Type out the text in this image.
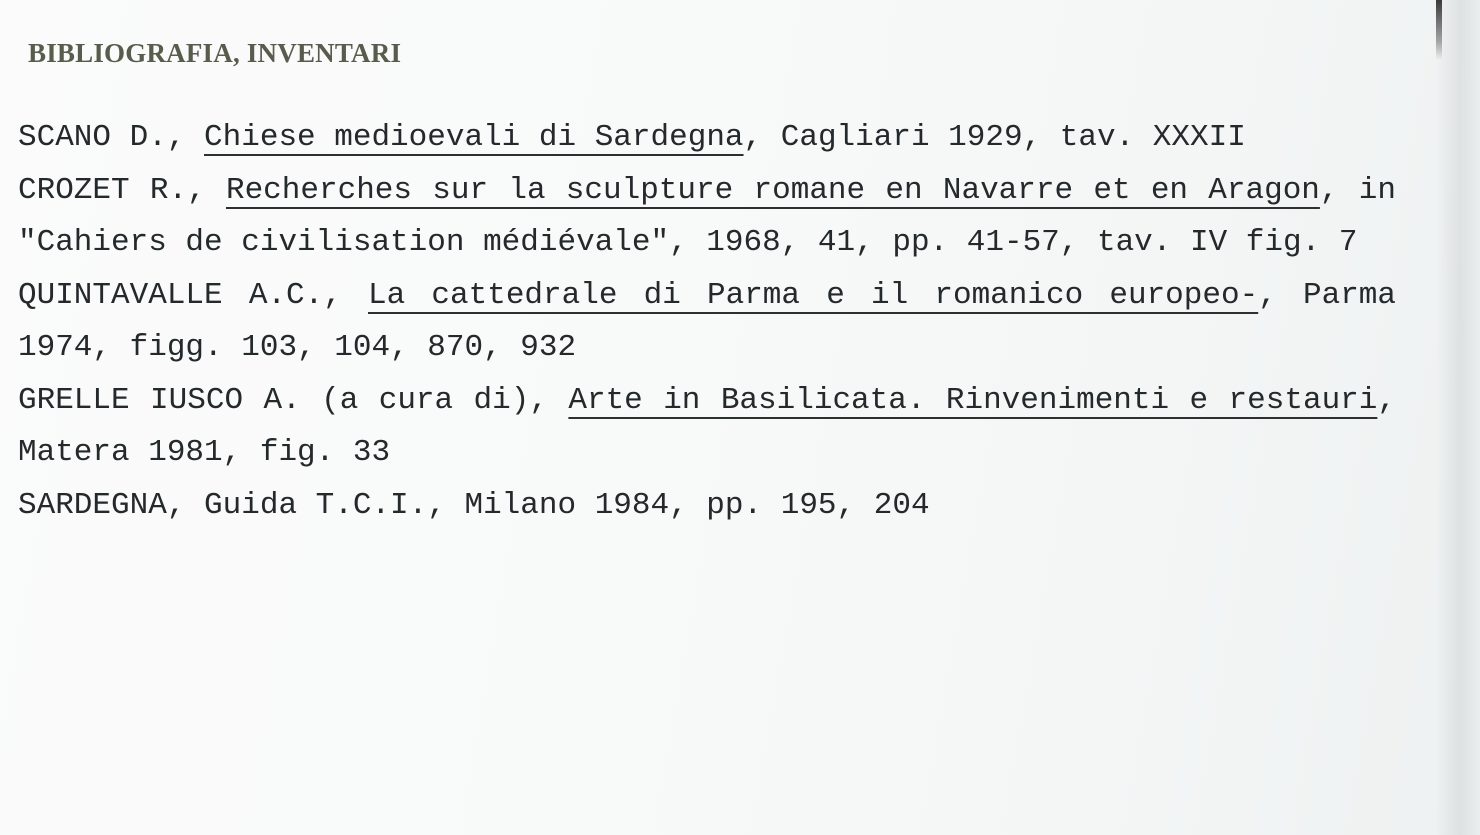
BIBLIOGRAFIA, INVENTARI
SCANO D., Chiese medioevali di Sardegna, Cagliari 1929, tav. XXXII
CROZET R., Recherches sur la sculpture romane en Navarre et en Aragon, in "Cahiers de civilisation médiévale", 1968, 41, pp. 41-57, tav. IV fig. 7
QUINTAVALLE A.C., La cattedrale di Parma e il romanico europeo-, Parma 1974, figg. 103, 104, 870, 932
GRELLE IUSCO A. (a cura di), Arte in Basilicata. Rinvenimenti e restauri, Matera 1981, fig. 33
SARDEGNA, Guida T.C.I., Milano 1984, pp. 195, 204
